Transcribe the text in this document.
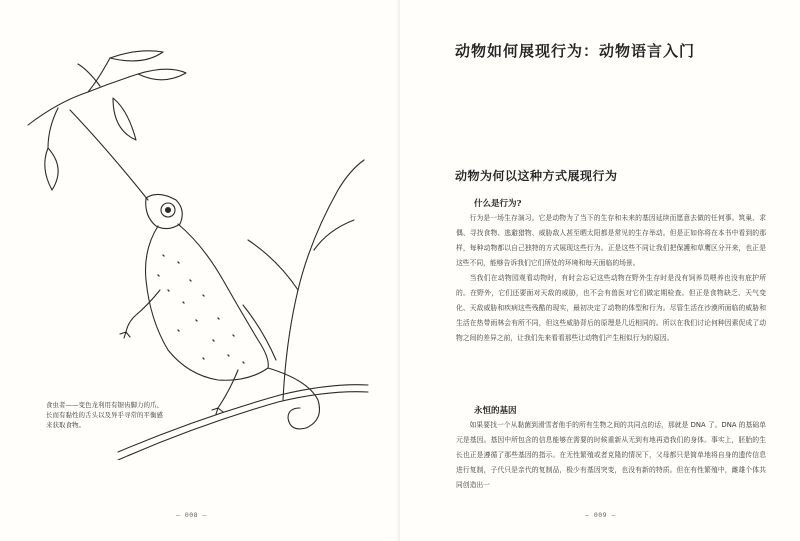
食虫者——变色龙利用有锯齿脚力的爪、长而有黏性的舌头以及异乎寻常的平衡感来获取食物。
— 008 —
动物如何展现行为：动物语言入门
动物为何以这种方式展现行为
什么是行为?

行为是一场生存演习。它是动物为了当下的生存和未来的基因延续而愿意去做的任何事。筑巢、求偶、寻找食物、逃避猎物、威胁敌人甚至晒太阳都是常见的生存举动。但是正如你将在本书中看到的那样，每种动物都以自己独特的方式展现这些行为。正是这些不同让我们把保護和草鹰区分开来，也正是这些不同，能够告诉我们它们所处的环境和每天面临的场景。

当我们在动物园观看动物时，有时会忘记这些动物在野外生存时是没有饲养员喂养也没有庇护所的。在野外，它们还要面对天敌的威胁，也不会有兽医对它们做定期检查。但正是食物缺乏、天气变化、天敌威胁和疾病这些残酷的现实，最初决定了动物的体型和行为。尽管生活在沙漠所面临的威胁和生活在热带雨林会有所不同，但这些威胁背后的原理是几近相同的。所以在我们讨论何种因素促成了动物之间的差异之前，让我们先来看看那些让动物们产生相似行为的原因。

永恒的基因

如果要找一个从黏菌到滑雪者他手的所有生物之间的共同点的话，那就是 DNA 了。DNA 的基础单元是基因。基因中所包含的信息能够在需要的时候重新从无到有地再造我们的身体。事实上，胚胎的生长也正是遵循了那些基因的指示。在无性繁殖或者克隆的情况下，父母都只是简单地将自身的遗传信息进行复制，子代只是亲代的复制品，极少有基因突变，也没有新的特质。但在有性繁殖中，雌雄个体共同创造出一

— 009 —
